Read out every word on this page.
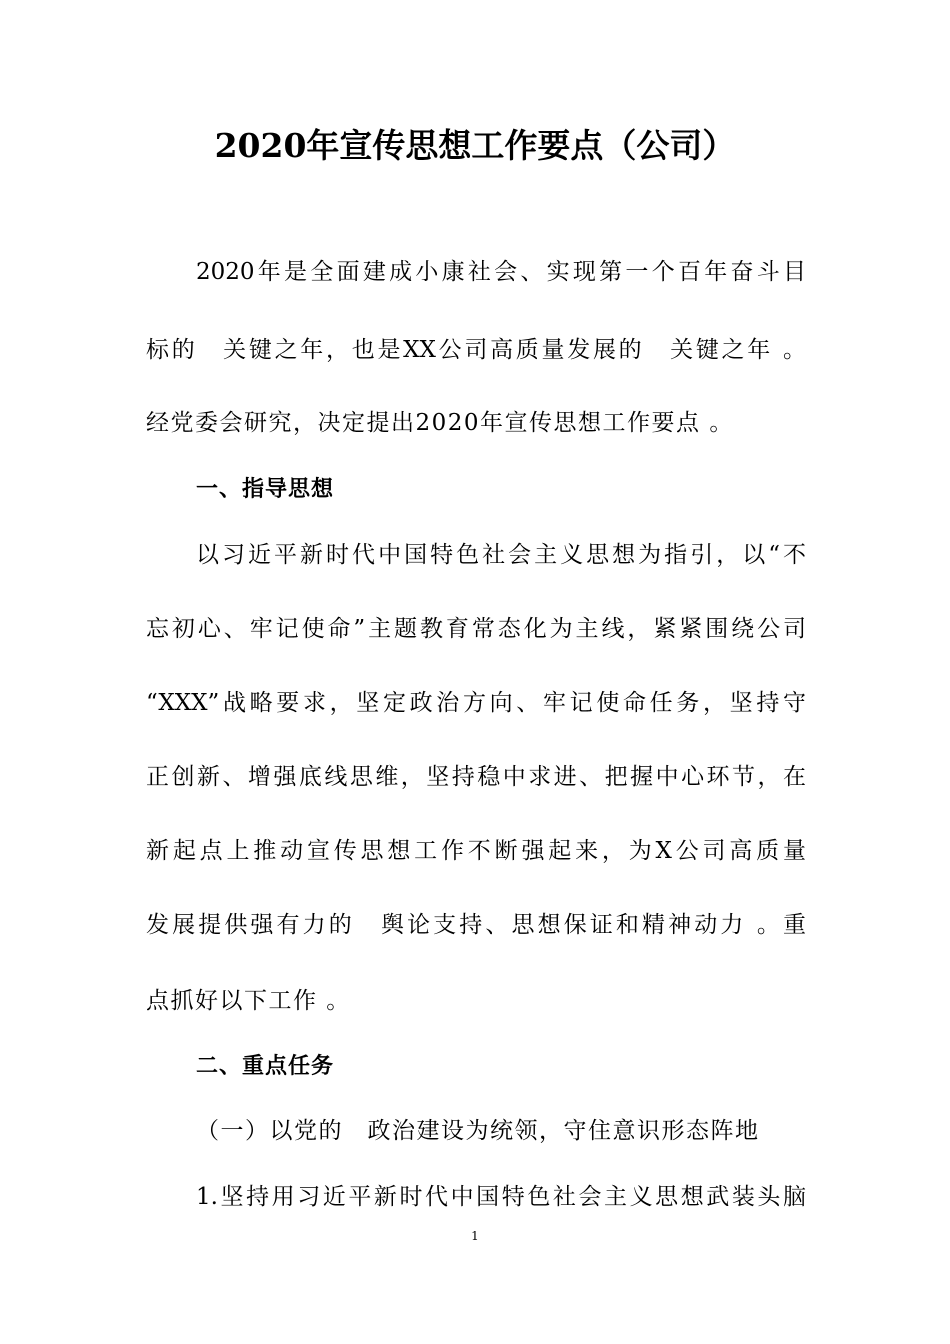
2020年宣传思想工作要点（公司）
2020年是全面建成小康社会、实现第一个百年奋斗目
标的　关键之年，也是XX公司高质量发展的　关键之年 。
经党委会研究，决定提出2020年宣传思想工作要点 。
一、指导思想
以习近平新时代中国特色社会主义思想为指引，以“不
忘初心、牢记使命”主题教育常态化为主线，紧紧围绕公司
“XXX”战略要求，坚定政治方向、牢记使命任务，坚持守
正创新、增强底线思维，坚持稳中求进、把握中心环节，在
新起点上推动宣传思想工作不断强起来，为X公司高质量
发展提供强有力的　舆论支持、思想保证和精神动力 。重
点抓好以下工作 。
二、重点任务
（一）以党的　政治建设为统领，守住意识形态阵地
1.坚持用习近平新时代中国特色社会主义思想武装头脑
1
